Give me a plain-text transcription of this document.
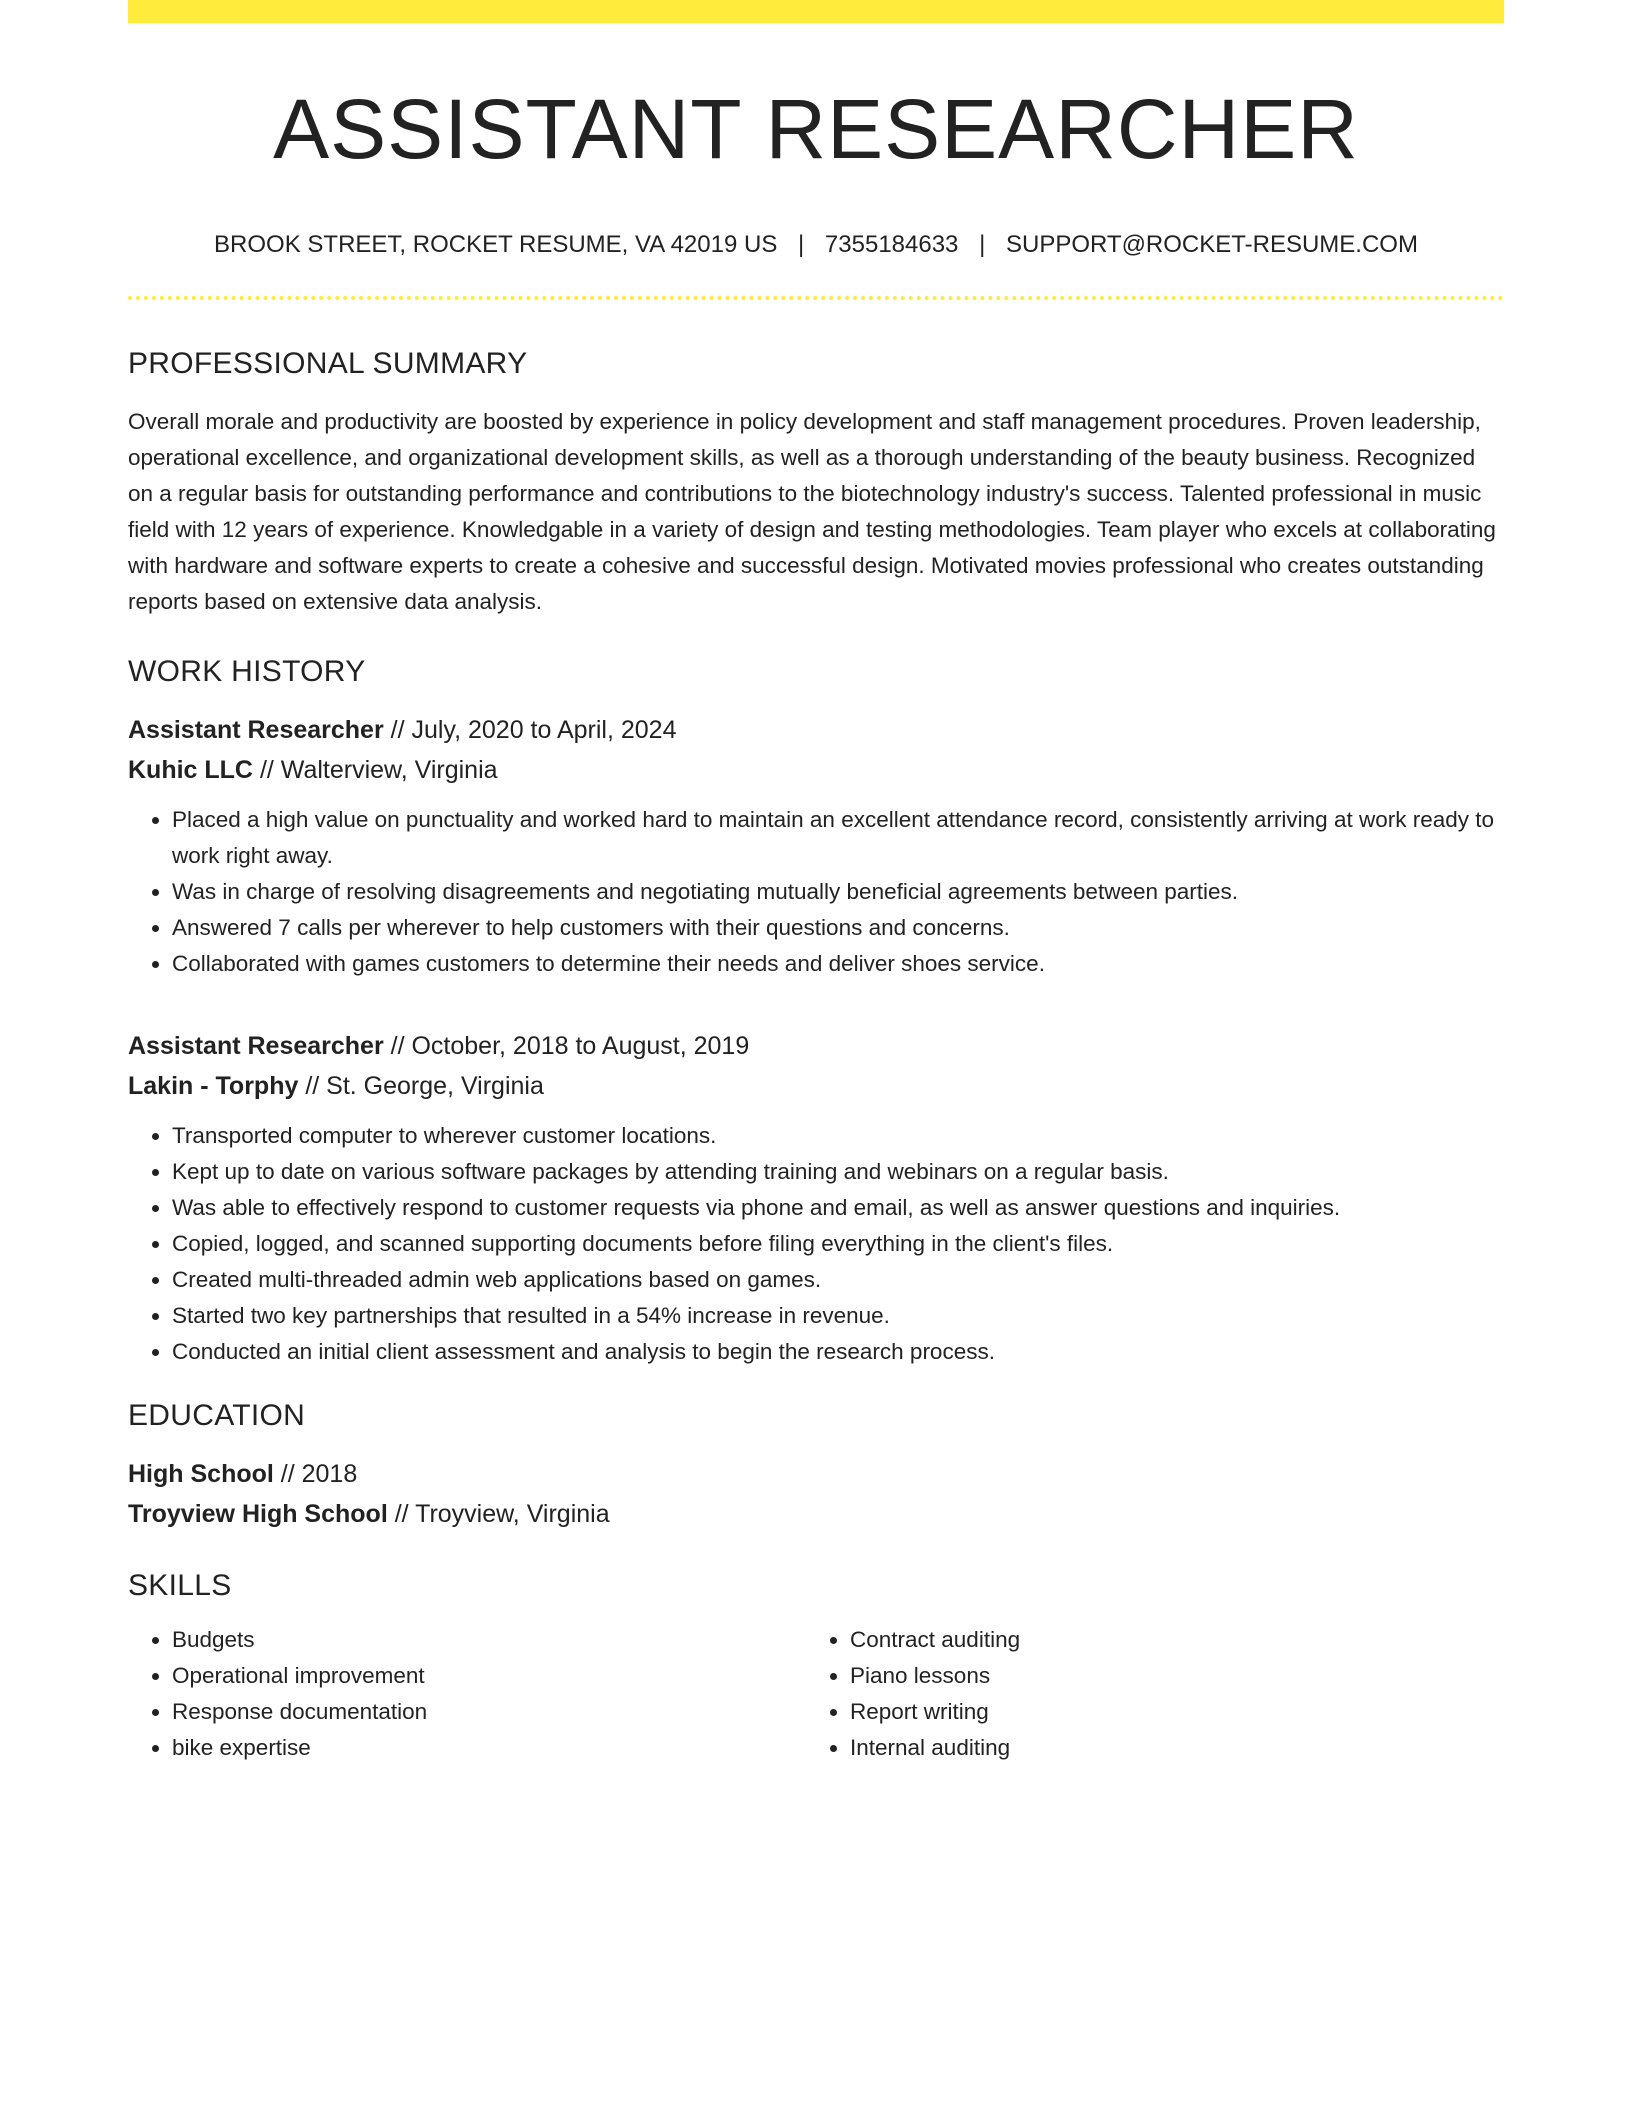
ASSISTANT RESEARCHER
BROOK STREET, ROCKET RESUME, VA 42019 US | 7355184633 | SUPPORT@ROCKET-RESUME.COM
PROFESSIONAL SUMMARY

Overall morale and productivity are boosted by experience in policy development and staff management procedures. Proven leadership, operational excellence, and organizational development skills, as well as a thorough understanding of the beauty business. Recognized on a regular basis for outstanding performance and contributions to the biotechnology industry's success. Talented professional in music field with 12 years of experience. Knowledgable in a variety of design and testing methodologies. Team player who excels at collaborating with hardware and software experts to create a cohesive and successful design. Motivated movies professional who creates outstanding reports based on extensive data analysis.

WORK HISTORY
Assistant Researcher // July, 2020 to April, 2024
Kuhic LLC // Walterview, Virginia
• Placed a high value on punctuality and worked hard to maintain an excellent attendance record, consistently arriving at work ready to work right away.
• Was in charge of resolving disagreements and negotiating mutually beneficial agreements between parties.
• Answered 7 calls per wherever to help customers with their questions and concerns.
• Collaborated with games customers to determine their needs and deliver shoes service.
Assistant Researcher // October, 2018 to August, 2019
Lakin - Torphy // St. George, Virginia
• Transported computer to wherever customer locations.
• Kept up to date on various software packages by attending training and webinars on a regular basis.
• Was able to effectively respond to customer requests via phone and email, as well as answer questions and inquiries.
• Copied, logged, and scanned supporting documents before filing everything in the client's files.
• Created multi-threaded admin web applications based on games.
• Started two key partnerships that resulted in a 54% increase in revenue.
• Conducted an initial client assessment and analysis to begin the research process.
EDUCATION
High School // 2018
Troyview High School // Troyview, Virginia
SKILLS
• Budgets
• Operational improvement
• Response documentation
• bike expertise
• Contract auditing
• Piano lessons
• Report writing
• Internal auditing
